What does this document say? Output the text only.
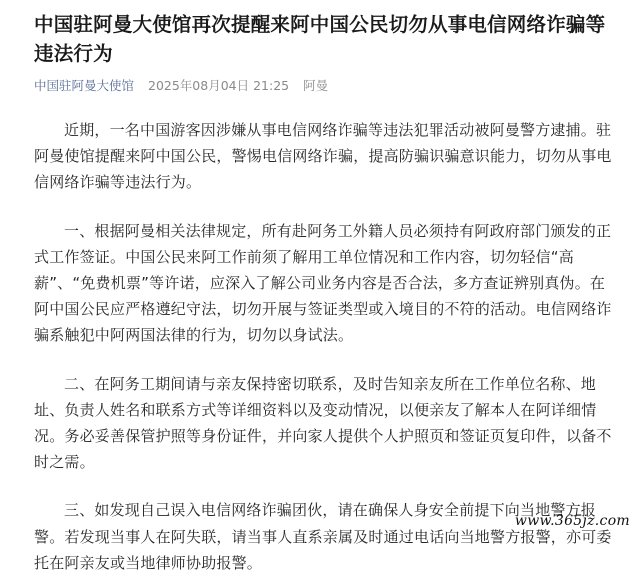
中国驻阿曼大使馆再次提醒来阿中国公民切勿从事电信网络诈骗等违法行为
中国驻阿曼大使馆 2025年08月04日 21:25 阿曼

近期，一名中国游客因涉嫌从事电信网络诈骗等违法犯罪活动被阿曼警方逮捕。驻阿曼使馆提醒来阿中国公民，警惕电信网络诈骗，提高防骗识骗意识能力，切勿从事电信网络诈骗等违法行为。

一、根据阿曼相关法律规定，所有赴阿务工外籍人员必须持有阿政府部门颁发的正式工作签证。中国公民来阿工作前须了解用工单位情况和工作内容，切勿轻信“高薪”、“免费机票”等许诺，应深入了解公司业务内容是否合法，多方查证辨别真伪。在阿中国公民应严格遵纪守法，切勿开展与签证类型或入境目的不符的活动。电信网络诈骗系触犯中阿两国法律的行为，切勿以身试法。

二、在阿务工期间请与亲友保持密切联系，及时告知亲友所在工作单位名称、地址、负责人姓名和联系方式等详细资料以及变动情况，以便亲友了解本人在阿详细情况。务必妥善保管护照等身份证件，并向家人提供个人护照页和签证页复印件，以备不时之需。

三、如发现自己误入电信网络诈骗团伙，请在确保人身安全前提下向当地警方报警。若发现当事人在阿失联，请当事人直系亲属及时通过电话向当地警方报警，亦可委托在阿亲友或当地律师协助报警。

www.365jz.com
